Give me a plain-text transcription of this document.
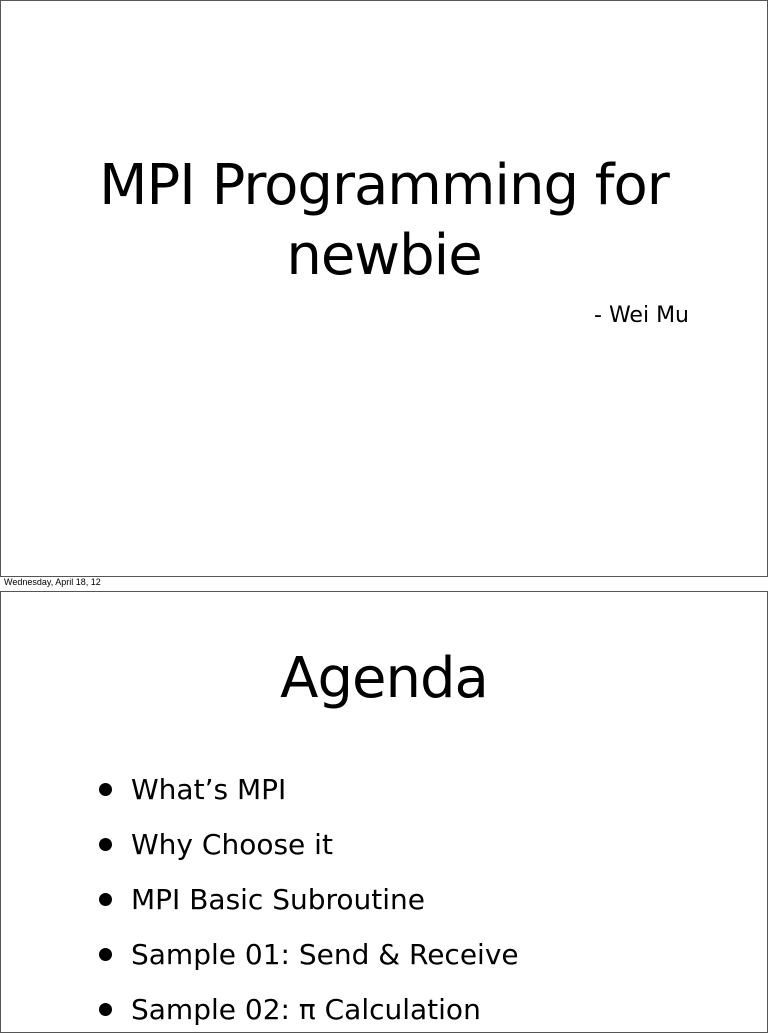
MPI Programming for
newbie
- Wei Mu
Wednesday, April 18, 12
Agenda
What’s MPI
Why Choose it
MPI Basic Subroutine
Sample 01: Send & Receive
Sample 02: π Calculation
